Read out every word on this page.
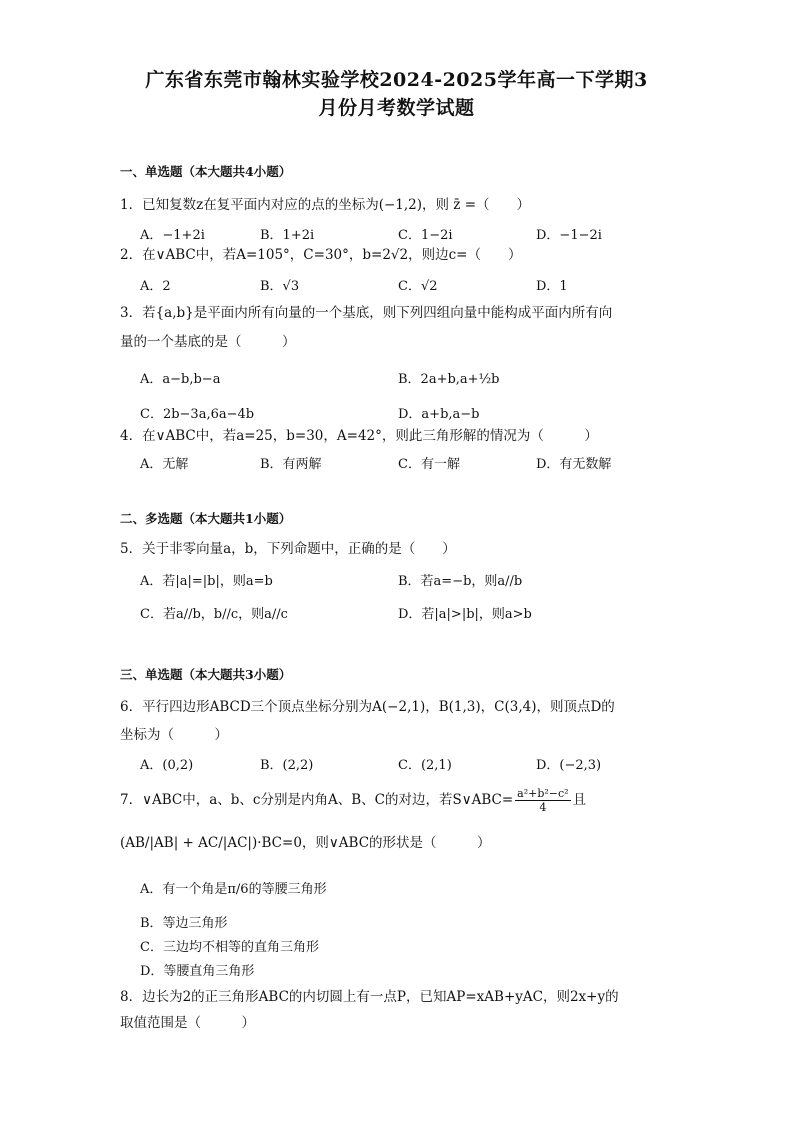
广东省东莞市翰林实验学校2024-2025学年高一下学期3
月份月考数学试题
一、单选题（本大题共4小题）
1．已知复数z在复平面内对应的点的坐标为(−1,2)，则 z̄ =（　　）
A．−1+2i	B．1+2i	C．1−2i	D．−1−2i
2．在∨ABC中，若A=105°，C=30°，b=2√2，则边c=（　　）
A．2	B．√3	C．√2	D．1
3．若{a,b}是平面内所有向量的一个基底，则下列四组向量中能构成平面内所有向
量的一个基底的是（　　　）
A．a−b,b−a	B．2a+b,a+½b
C．2b−3a,6a−4b	D．a+b,a−b
4．在∨ABC中，若a=25，b=30，A=42°，则此三角形解的情况为（　　　）
A．无解	B．有两解	C．有一解	D．有无数解
二、多选题（本大题共1小题）
5．关于非零向量a，b，下列命题中，正确的是（　　）
A．若|a|=|b|，则a=b	B．若a=−b，则a//b
C．若a//b，b//c，则a//c	D．若|a|>|b|，则a>b
三、单选题（本大题共3小题）
6．平行四边形ABCD三个顶点坐标分别为A(−2,1)，B(1,3)，C(3,4)，则顶点D的
坐标为（　　　）
A．(0,2)	B．(2,2)	C．(2,1)	D．(−2,3)
7．∨ABC中，a、b、c分别是内角A、B、C的对边，若S∨ABC= $\frac{\text{a²+b²−c²}}{4}$ 且
(AB/|AB| + AC/|AC|)·BC=0，则∨ABC的形状是（　　　）
A．有一个角是π/6的等腰三角形
B．等边三角形
C．三边均不相等的直角三角形
D．等腰直角三角形
8．边长为2的正三角形ABC的内切圆上有一点P，已知AP=xAB+yAC，则2x+y的
取值范围是（　　　）
